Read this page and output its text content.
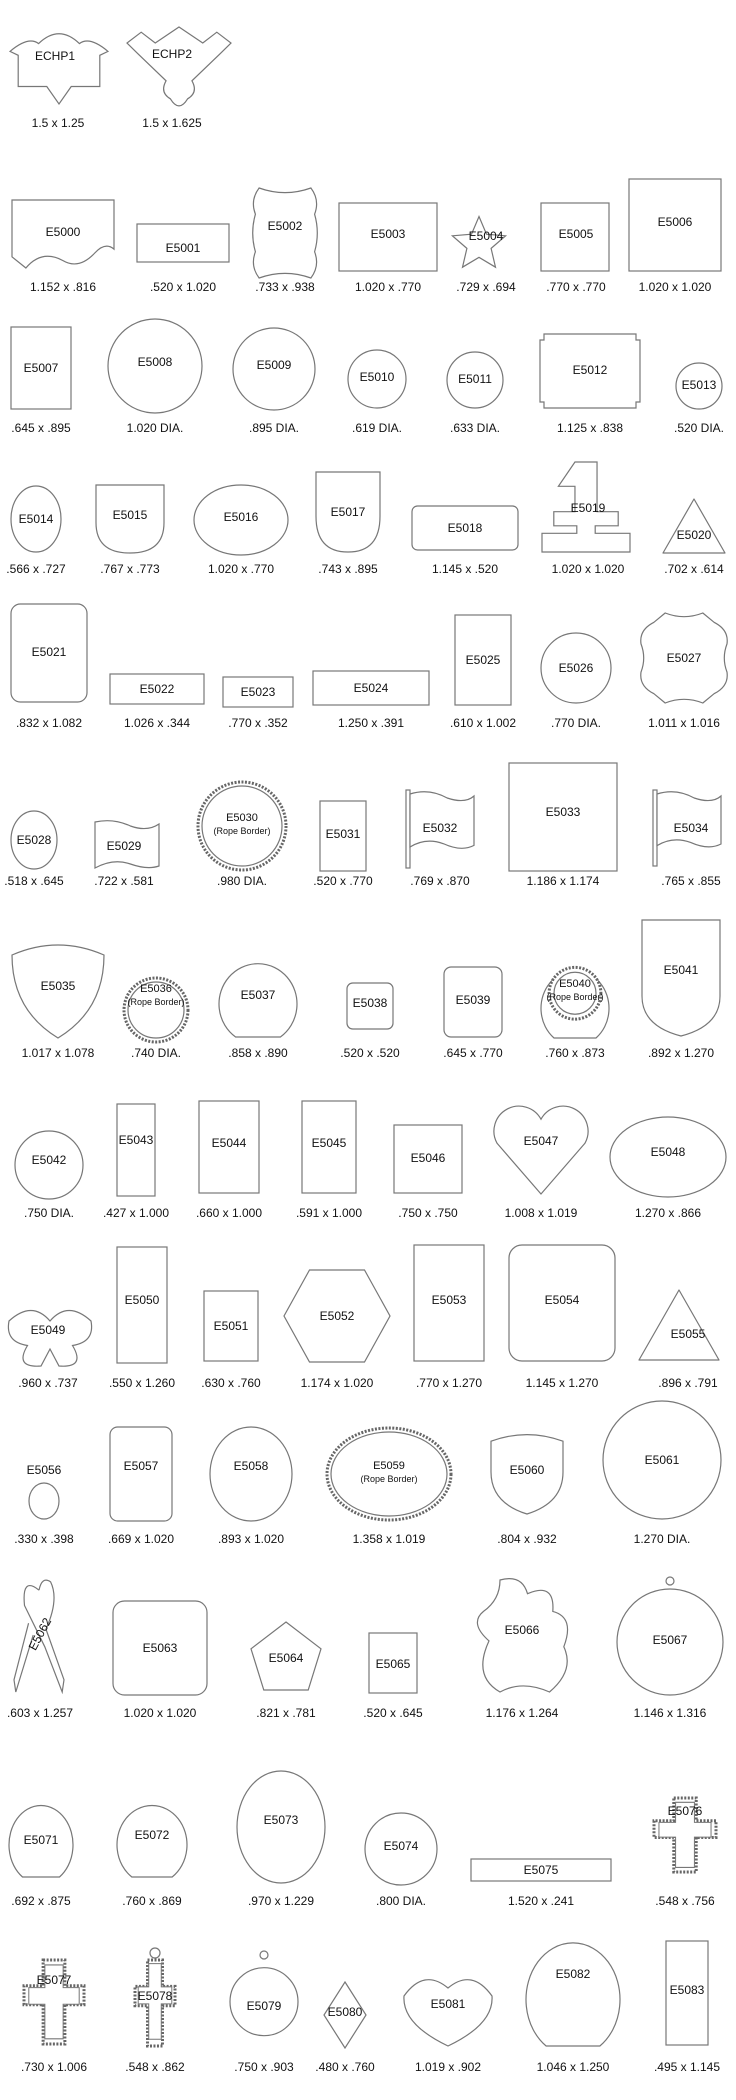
ECHP1
1.5 x 1.25
ECHP2
1.5 x 1.625
E5000
1.152 x .816
E5001
.520 x 1.020
E5002
.733 x .938
E5003
1.020 x .770
E5004
.729 x .694
E5005
.770 x .770
E5006
1.020 x 1.020
E5007
.645 x .895
E5008
1.020 DIA.
E5009
.895 DIA.
E5010
.619 DIA.
E5011
.633 DIA.
E5012
1.125 x .838
E5013
.520 DIA.
E5014
.566 x .727
E5015
.767 x .773
E5016
1.020 x .770
E5017
.743 x .895
E5018
1.145 x .520
E5019
1.020 x 1.020
E5020
.702 x .614
E5021
.832 x 1.082
E5022
1.026 x .344
E5023
.770 x .352
E5024
1.250 x .391
E5025
.610 x 1.002
E5026
.770 DIA.
E5027
1.011 x 1.016
E5028
.518 x .645
E5029
.722 x .581
E5030
(Rope Border)
.980 DIA.
E5031
.520 x .770
E5032
.769 x .870
E5033
1.186 x 1.174
E5034
.765 x .855
E5035
1.017 x 1.078
E5036
(Rope Border)
.740 DIA.
E5037
.858 x .890
E5038
.520 x .520
E5039
.645 x .770
E5040
(Rope Border)
.760 x .873
E5041
.892 x 1.270
E5042
.750 DIA.
E5043
.427 x 1.000
E5044
.660 x 1.000
E5045
.591 x 1.000
E5046
.750 x .750
E5047
1.008 x 1.019
E5048
1.270 x .866
E5049
.960 x .737
E5050
.550 x 1.260
E5051
.630 x .760
E5052
1.174 x 1.020
E5053
.770 x 1.270
E5054
1.145 x 1.270
E5055
.896 x .791
E5056
.330 x .398
E5057
.669 x 1.020
E5058
.893 x 1.020
E5059
(Rope Border)
1.358 x 1.019
E5060
.804 x .932
E5061
1.270 DIA.
E5062
.603 x 1.257
E5063
1.020 x 1.020
E5064
.821 x .781
E5065
.520 x .645
E5066
1.176 x 1.264
E5067
1.146 x 1.316
E5071
.692 x .875
E5072
.760 x .869
E5073
.970 x 1.229
E5074
.800 DIA.
E5075
1.520 x .241
E5076
.548 x .756
E5077
.730 x 1.006
E5078
.548 x .862
E5079
.750 x .903
E5080
.480 x .760
E5081
1.019 x .902
E5082
1.046 x 1.250
E5083
.495 x 1.145
